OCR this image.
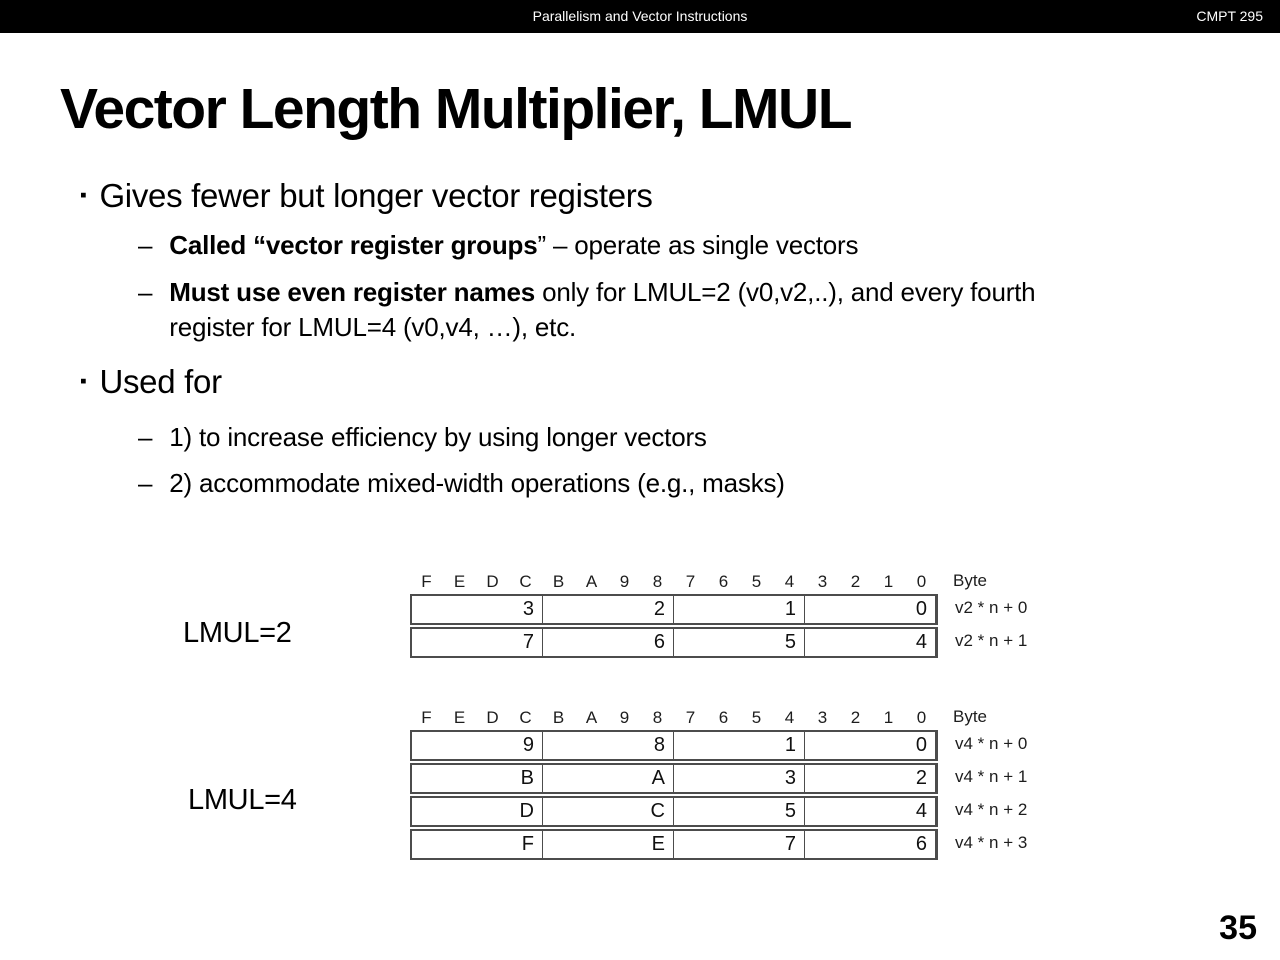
Parallelism and Vector Instructions	CMPT 295
Vector Length Multiplier, LMUL
▪ Gives fewer but longer vector registers
– Called “vector register groups” – operate as single vectors
– Must use even register names only for LMUL=2 (v0,v2,..), and every fourth register for LMUL=4 (v0,v4, …), etc.
▪ Used for
– 1) to increase efficiency by using longer vectors
– 2) accommodate mixed-width operations (e.g., masks)
LMUL=2
F	E	D	C	B	A	9	8	7	6	5	4	3	2	1	0	Byte
3	2	1	0	v2 * n + 0
7	6	5	4	v2 * n + 1
LMUL=4
F	E	D	C	B	A	9	8	7	6	5	4	3	2	1	0	Byte
9	8	1	0	v4 * n + 0
B	A	3	2	v4 * n + 1
D	C	5	4	v4 * n + 2
F	E	7	6	v4 * n + 3
35
